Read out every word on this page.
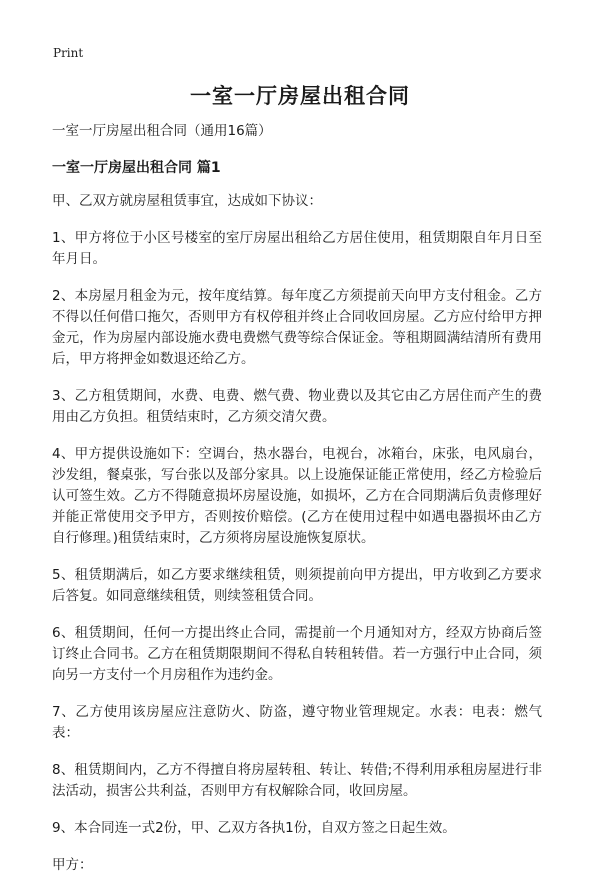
Print
一室一厅房屋出租合同

一室一厅房屋出租合同（通用16篇）

一室一厅房屋出租合同 篇1

甲、乙双方就房屋租赁事宜，达成如下协议：

1、甲方将位于小区号楼室的室厅房屋出租给乙方居住使用，租赁期限自年月日至年月日。

2、本房屋月租金为元，按年度结算。每年度乙方须提前天向甲方支付租金。乙方不得以任何借口拖欠，否则甲方有权停租并终止合同收回房屋。乙方应付给甲方押金元，作为房屋内部设施水费电费燃气费等综合保证金。等租期圆满结清所有费用后，甲方将押金如数退还给乙方。

3、乙方租赁期间，水费、电费、燃气费、物业费以及其它由乙方居住而产生的费用由乙方负担。租赁结束时，乙方须交清欠费。

4、甲方提供设施如下：空调台，热水器台，电视台，冰箱台，床张，电风扇台，沙发组，餐桌张，写台张以及部分家具。以上设施保证能正常使用，经乙方检验后认可签生效。乙方不得随意损坏房屋设施，如损坏，乙方在合同期满后负责修理好并能正常使用交予甲方，否则按价赔偿。(乙方在使用过程中如遇电器损坏由乙方自行修理。)租赁结束时，乙方须将房屋设施恢复原状。

5、租赁期满后，如乙方要求继续租赁，则须提前向甲方提出，甲方收到乙方要求后答复。如同意继续租赁，则续签租赁合同。

6、租赁期间，任何一方提出终止合同，需提前一个月通知对方，经双方协商后签订终止合同书。乙方在租赁期限期间不得私自转租转借。若一方强行中止合同，须向另一方支付一个月房租作为违约金。

7、乙方使用该房屋应注意防火、防盗，遵守物业管理规定。水表：电表：燃气表：

8、租赁期间内，乙方不得擅自将房屋转租、转让、转借;不得利用承租房屋进行非法活动，损害公共利益，否则甲方有权解除合同，收回房屋。

9、本合同连一式2份，甲、乙双方各执1份，自双方签之日起生效。

甲方：
